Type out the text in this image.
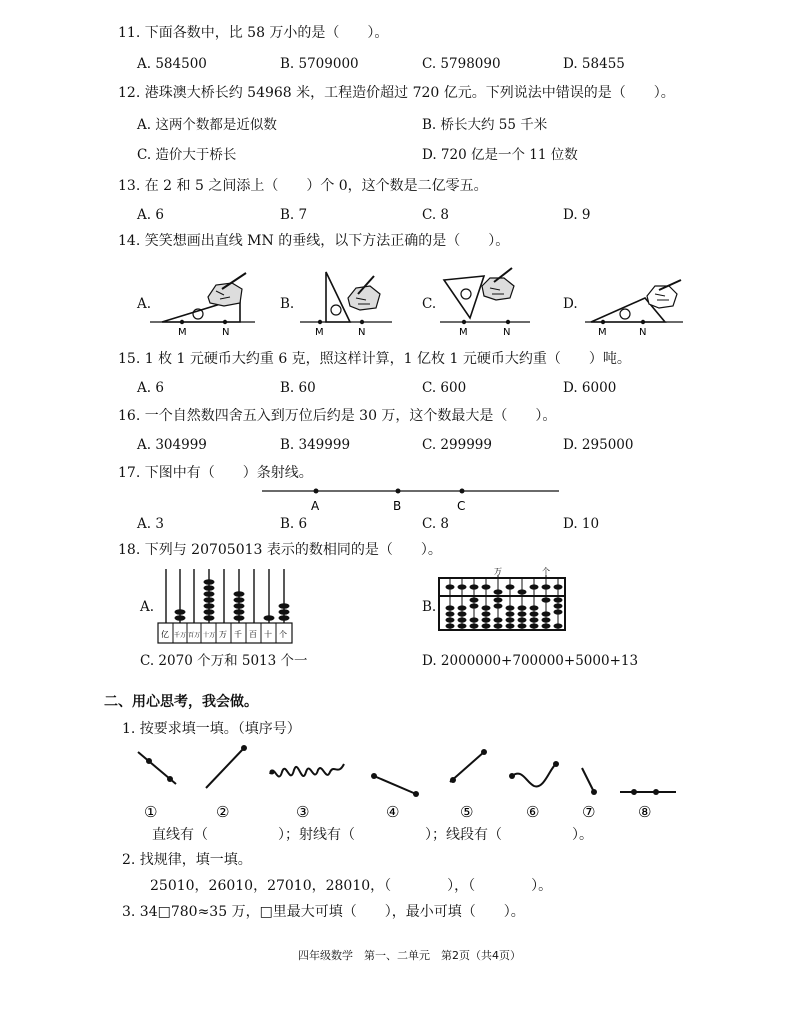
11. 下面各数中，比 58 万小的是（　　）。
A. 584500	B. 5709000	C. 5798090	D. 58455
12. 港珠澳大桥长约 54968 米，工程造价超过 720 亿元。下列说法中错误的是（　　）。
A. 这两个数都是近似数	B. 桥长大约 55 千米
C. 造价大于桥长	D. 720 亿是一个 11 位数
13. 在 2 和 5 之间添上（　　）个 0，这个数是二亿零五。
A. 6	B. 7	C. 8	D. 9
14. 笑笑想画出直线 MN 的垂线，以下方法正确的是（　　）。
A.	B.	C.	D.
M	N	M	N	M	N	M	N
15. 1 枚 1 元硬币大约重 6 克，照这样计算，1 亿枚 1 元硬币大约重（　　）吨。
A. 6	B. 60	C. 600	D. 6000
16. 一个自然数四舍五入到万位后约是 30 万，这个数最大是（　　）。
A. 304999	B. 349999	C. 299999	D. 295000
17. 下图中有（　　）条射线。
A	B	C
A. 3	B. 6	C. 8	D. 10
18. 下列与 20705013 表示的数相同的是（　　）。
A.
亿 千万 百万 十万 万 千 百 十 个
B.
万	个
C. 2070 个万和 5013 个一	D. 2000000+700000+5000+13
二、用心思考，我会做。
1. 按要求填一填。（填序号）
①	②	③	④	⑤	⑥	⑦	⑧
直线有（　　　　　）；射线有（　　　　　）；线段有（　　　　　）。
2. 找规律，填一填。
25010，26010，27010，28010，（　　　　），（　　　　）。
3. 34□780≈35 万，□里最大可填（　　），最小可填（　　）。
四年级数学　第一、二单元　第2页（共4页）
